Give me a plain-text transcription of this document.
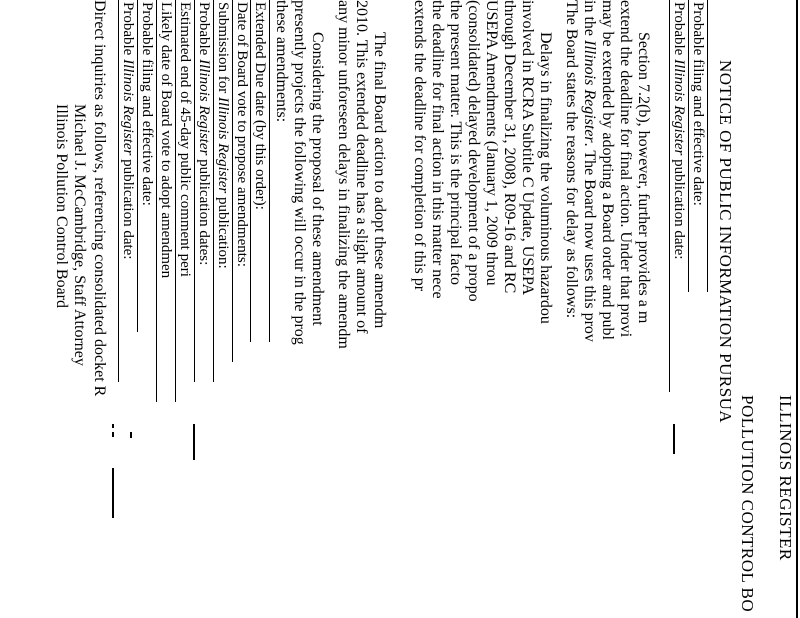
ILLINOIS REGISTER
POLLUTION CONTROL BO
NOTICE OF PUBLIC INFORMATION PURSUA
Probable filing and effective date:
Probable Illinois Register publication date:
Section 7.2(b), however, further provides a m
extend the deadline for final action. Under that provi
may be extended by adopting a Board order and publ
in the Illinois Register. The Board now uses this prov
The Board states the reasons for delay as follows:
Delays in finalizing the voluminous hazardou
involved in RCRA Subtitle C Update, USEPA
through December 31, 2008), R09-16 and RC
USEPA Amendments (January 1, 2009 throu
(consolidated) delayed development of a propo
the present matter. This is the principal facto
the deadline for final action in this matter nece
extends the deadline for completion of this pr
The final Board action to adopt these amendm
2010. This extended deadline has a slight amount of
any minor unforeseen delays in finalizing the amendm
Considering the proposal of these amendment
presently projects the following will occur in the prog
these amendments:
Extended Due date (by this order):
Date of Board vote to propose amendments:
Submission for Illinois Register publication:
Probable Illinois Register publication dates:
Estimated end of 45-day public comment peri
Likely date of Board vote to adopt amendmen
Probable filing and effective date:
Probable Illinois Register publication date:
Direct inquiries as follows, referencing consolidated docket R
Michael J. McCambridge, Staff Attorney
Illinois Pollution Control Board
